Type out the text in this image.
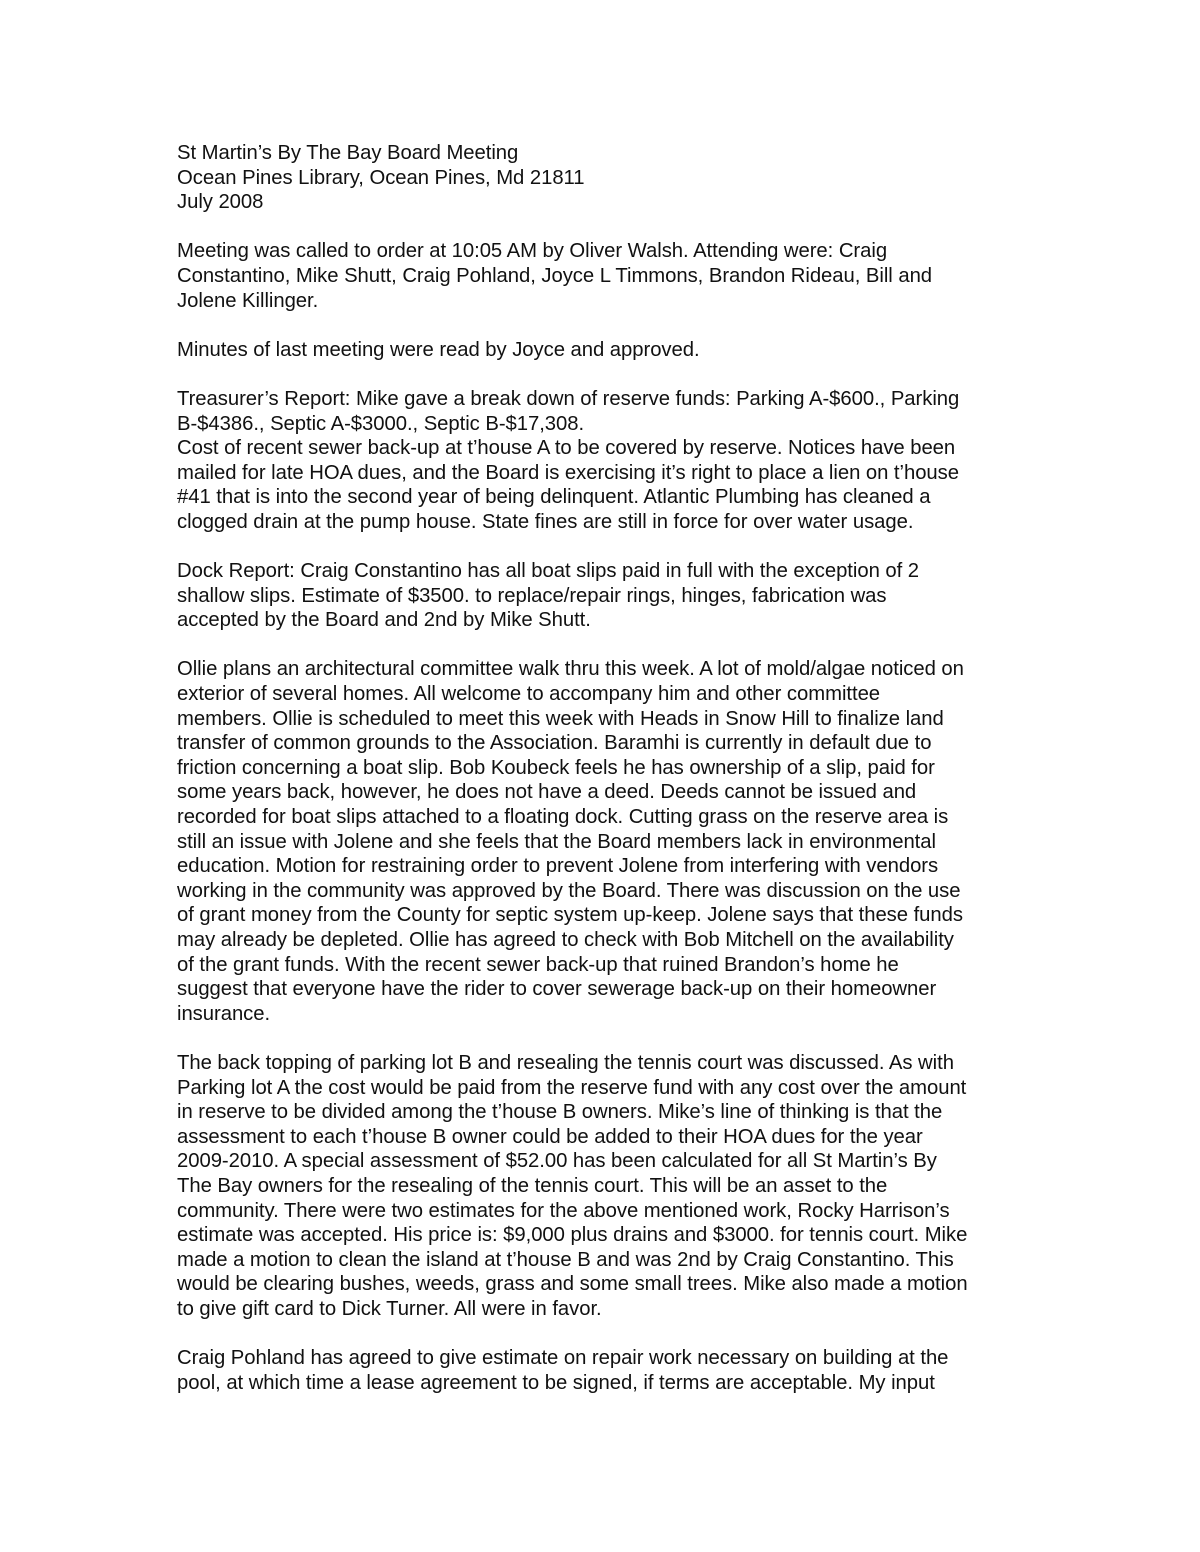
St Martin’s By The Bay Board Meeting
Ocean Pines Library, Ocean Pines, Md 21811
July 2008
Meeting was called to order at 10:05 AM by Oliver Walsh. Attending were: Craig
Constantino, Mike Shutt, Craig Pohland, Joyce L Timmons, Brandon Rideau, Bill and
Jolene Killinger.
Minutes of last meeting were read by Joyce and approved.
Treasurer’s Report: Mike gave a break down of reserve funds: Parking A-$600., Parking
B-$4386., Septic A-$3000., Septic B-$17,308.
Cost of recent sewer back-up at t’house A to be covered by reserve. Notices have been
mailed for late HOA dues, and the Board is exercising it’s right to place a lien on t’house
#41 that is into the second year of being delinquent. Atlantic Plumbing has cleaned a
clogged drain at the pump house. State fines are still in force for over water usage.
Dock Report: Craig Constantino has all boat slips paid in full with the exception of 2
shallow slips. Estimate of $3500. to replace/repair rings, hinges, fabrication was
accepted by the Board and 2nd by Mike Shutt.
Ollie plans an architectural committee walk thru this week. A lot of mold/algae noticed on
exterior of several homes. All welcome to accompany him and other committee
members. Ollie is scheduled to meet this week with Heads in Snow Hill to finalize land
transfer of common grounds to the Association. Baramhi is currently in default due to
friction concerning a boat slip. Bob Koubeck feels he has ownership of a slip, paid for
some years back, however, he does not have a deed. Deeds cannot be issued and
recorded for boat slips attached to a floating dock. Cutting grass on the reserve area is
still an issue with Jolene and she feels that the Board members lack in environmental
education. Motion for restraining order to prevent Jolene from interfering with vendors
working in the community was approved by the Board. There was discussion on the use
of grant money from the County for septic system up-keep. Jolene says that these funds
may already be depleted. Ollie has agreed to check with Bob Mitchell on the availability
of the grant funds. With the recent sewer back-up that ruined Brandon’s home he
suggest that everyone have the rider to cover sewerage back-up on their homeowner
insurance.
The back topping of parking lot B and resealing the tennis court was discussed. As with
Parking lot A the cost would be paid from the reserve fund with any cost over the amount
in reserve to be divided among the t’house B owners. Mike’s line of thinking is that the
assessment to each t’house B owner could be added to their HOA dues for the year
2009-2010. A special assessment of $52.00 has been calculated for all St Martin’s By
The Bay owners for the resealing of the tennis court. This will be an asset to the
community. There were two estimates for the above mentioned work, Rocky Harrison’s
estimate was accepted. His price is: $9,000 plus drains and $3000. for tennis court. Mike
made a motion to clean the island at t’house B and was 2nd by Craig Constantino. This
would be clearing bushes, weeds, grass and some small trees. Mike also made a motion
to give gift card to Dick Turner. All were in favor.
Craig Pohland has agreed to give estimate on repair work necessary on building at the
pool, at which time a lease agreement to be signed, if terms are acceptable. My input
